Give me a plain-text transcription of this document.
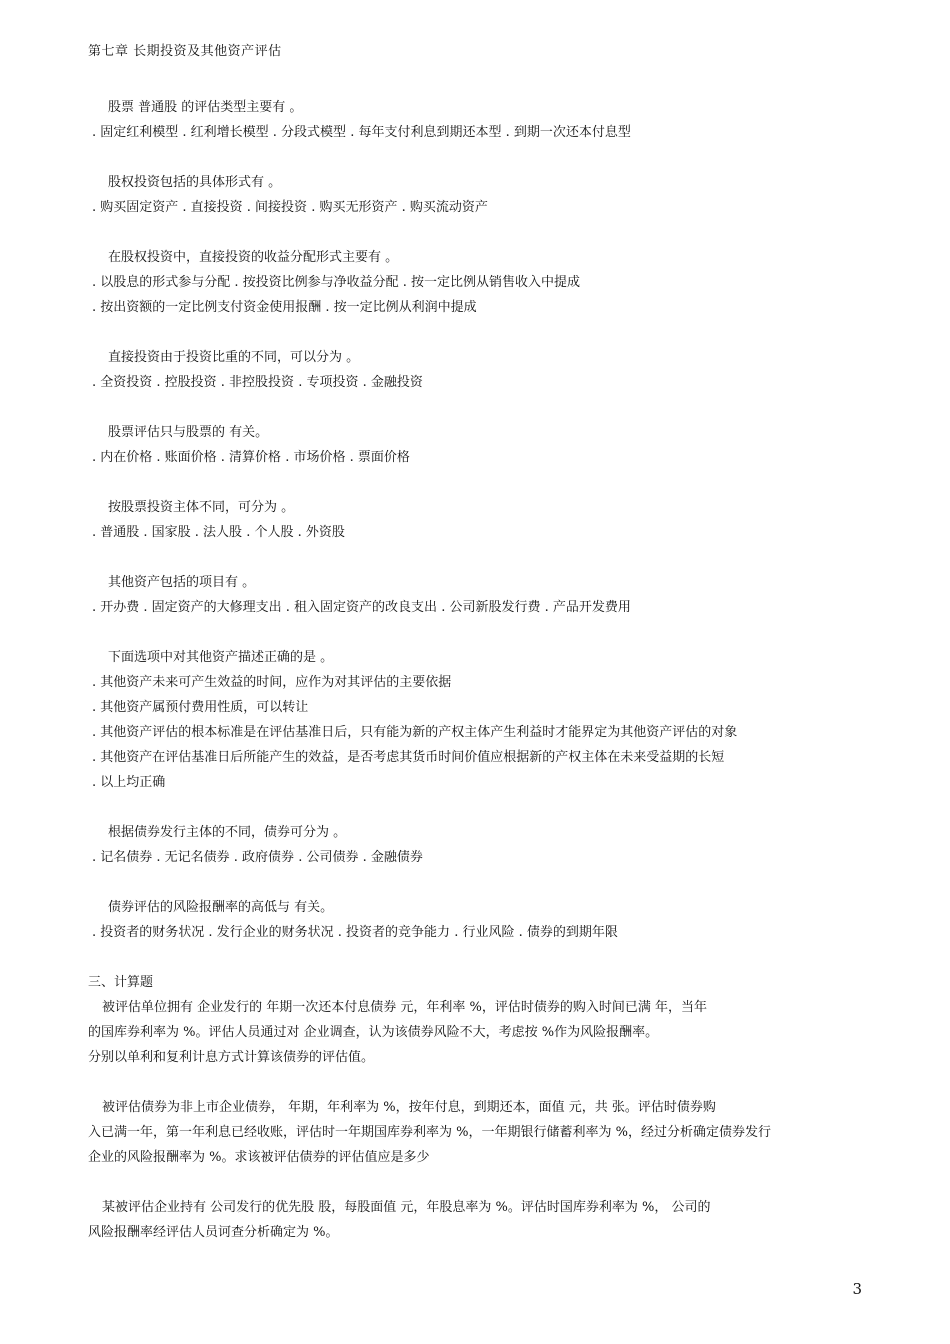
第七章 长期投资及其他资产评估

股票 普通股 的评估类型主要有 。

. 固定红利模型 . 红利增长模型 . 分段式模型 . 每年支付利息到期还本型 . 到期一次还本付息型

股权投资包括的具体形式有 。

. 购买固定资产 . 直接投资 . 间接投资 . 购买无形资产 . 购买流动资产

在股权投资中，直接投资的收益分配形式主要有 。

. 以股息的形式参与分配 . 按投资比例参与净收益分配 . 按一定比例从销售收入中提成

. 按出资额的一定比例支付资金使用报酬 . 按一定比例从利润中提成

直接投资由于投资比重的不同，可以分为 。

. 全资投资 . 控股投资 . 非控股投资 . 专项投资 . 金融投资

股票评估只与股票的 有关。

. 内在价格 . 账面价格 . 清算价格 . 市场价格 . 票面价格

按股票投资主体不同，可分为 。

. 普通股 . 国家股 . 法人股 . 个人股 . 外资股

其他资产包括的项目有 。

. 开办费 . 固定资产的大修理支出 . 租入固定资产的改良支出 . 公司新股发行费 . 产品开发费用

下面选项中对其他资产描述正确的是 。

. 其他资产未来可产生效益的时间，应作为对其评估的主要依据

. 其他资产属预付费用性质，可以转让

. 其他资产评估的根本标准是在评估基准日后，只有能为新的产权主体产生利益时才能界定为其他资产评估的对象

. 其他资产在评估基准日后所能产生的效益，是否考虑其货币时间价值应根据新的产权主体在未来受益期的长短

. 以上均正确

根据债券发行主体的不同，债券可分为 。

. 记名债券 . 无记名债券 . 政府债券 . 公司债券 . 金融债券

债券评估的风险报酬率的高低与 有关。

. 投资者的财务状况 . 发行企业的财务状况 . 投资者的竞争能力 . 行业风险 . 债券的到期年限

三、计算题

被评估单位拥有 企业发行的 年期一次还本付息债券 元，年利率 %，评估时债券的购入时间已满 年，当年

的国库券利率为 %。评估人员通过对 企业调查，认为该债券风险不大，考虑按 %作为风险报酬率。

分别以单利和复利计息方式计算该债券的评估值。

被评估债券为非上市企业债券， 年期，年利率为 %，按年付息，到期还本，面值 元，共 张。评估时债券购

入已满一年，第一年利息已经收账，评估时一年期国库券利率为 %，一年期银行储蓄利率为 %，经过分析确定债券发行

企业的风险报酬率为 %。求该被评估债券的评估值应是多少

某被评估企业持有 公司发行的优先股 股，每股面值 元，年股息率为 %。评估时国库券利率为 %， 公司的

风险报酬率经评估人员诃查分析确定为 %。

3
